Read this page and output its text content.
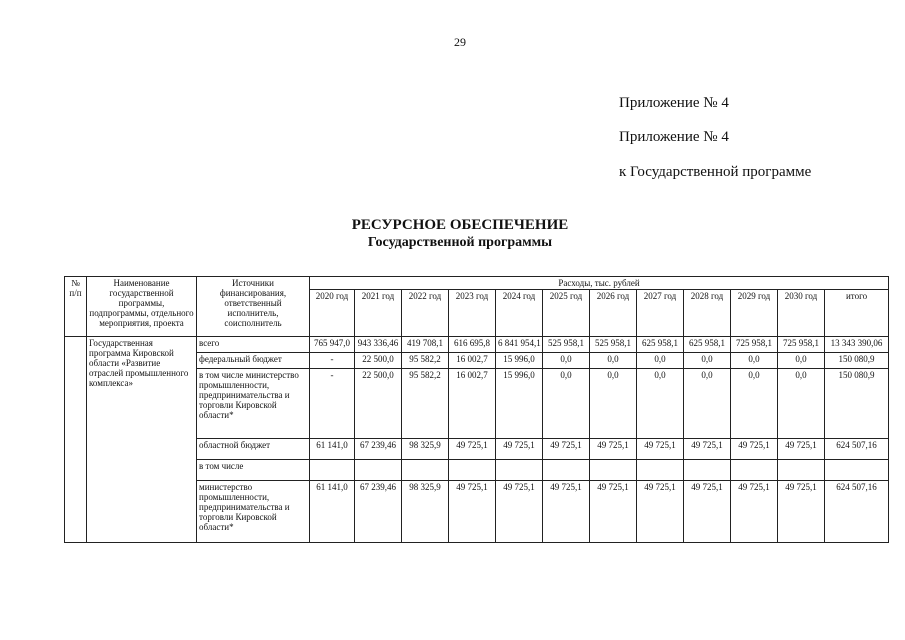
29
Приложение № 4
Приложение № 4
к Государственной программе
РЕСУРСНОЕ ОБЕСПЕЧЕНИЕ
Государственной программы
№ п/п	Наименование государственной программы, подпрограммы, отдельного мероприятия, проекта	Источники финансирования, ответственный исполнитель, соисполнитель	Расходы, тыс. рублей											
			2020 год	2021 год	2022 год	2023 год	2024 год	2025 год	2026 год	2027 год	2028 год	2029 год	2030 год	итого
	Государственная программа Кировской области «Развитие отраслей промышленного комплекса»	всего	765 947,0	943 336,46	419 708,1	616 695,8	6 841 954,1	525 958,1	525 958,1	625 958,1	625 958,1	725 958,1	725 958,1	13 343 390,06
		федеральный бюджет	-	22 500,0	95 582,2	16 002,7	15 996,0	0,0	0,0	0,0	0,0	0,0	0,0	150 080,9
		в том числе министерство промышленности, предпринимательства и торговли Кировской области*	-	22 500,0	95 582,2	16 002,7	15 996,0	0,0	0,0	0,0	0,0	0,0	0,0	150 080,9
		областной бюджет	61 141,0	67 239,46	98 325,9	49 725,1	49 725,1	49 725,1	49 725,1	49 725,1	49 725,1	49 725,1	49 725,1	624 507,16
		в том числе												
		министерство промышленности, предпринимательства и торговли Кировской области*	61 141,0	67 239,46	98 325,9	49 725,1	49 725,1	49 725,1	49 725,1	49 725,1	49 725,1	49 725,1	49 725,1	624 507,16
